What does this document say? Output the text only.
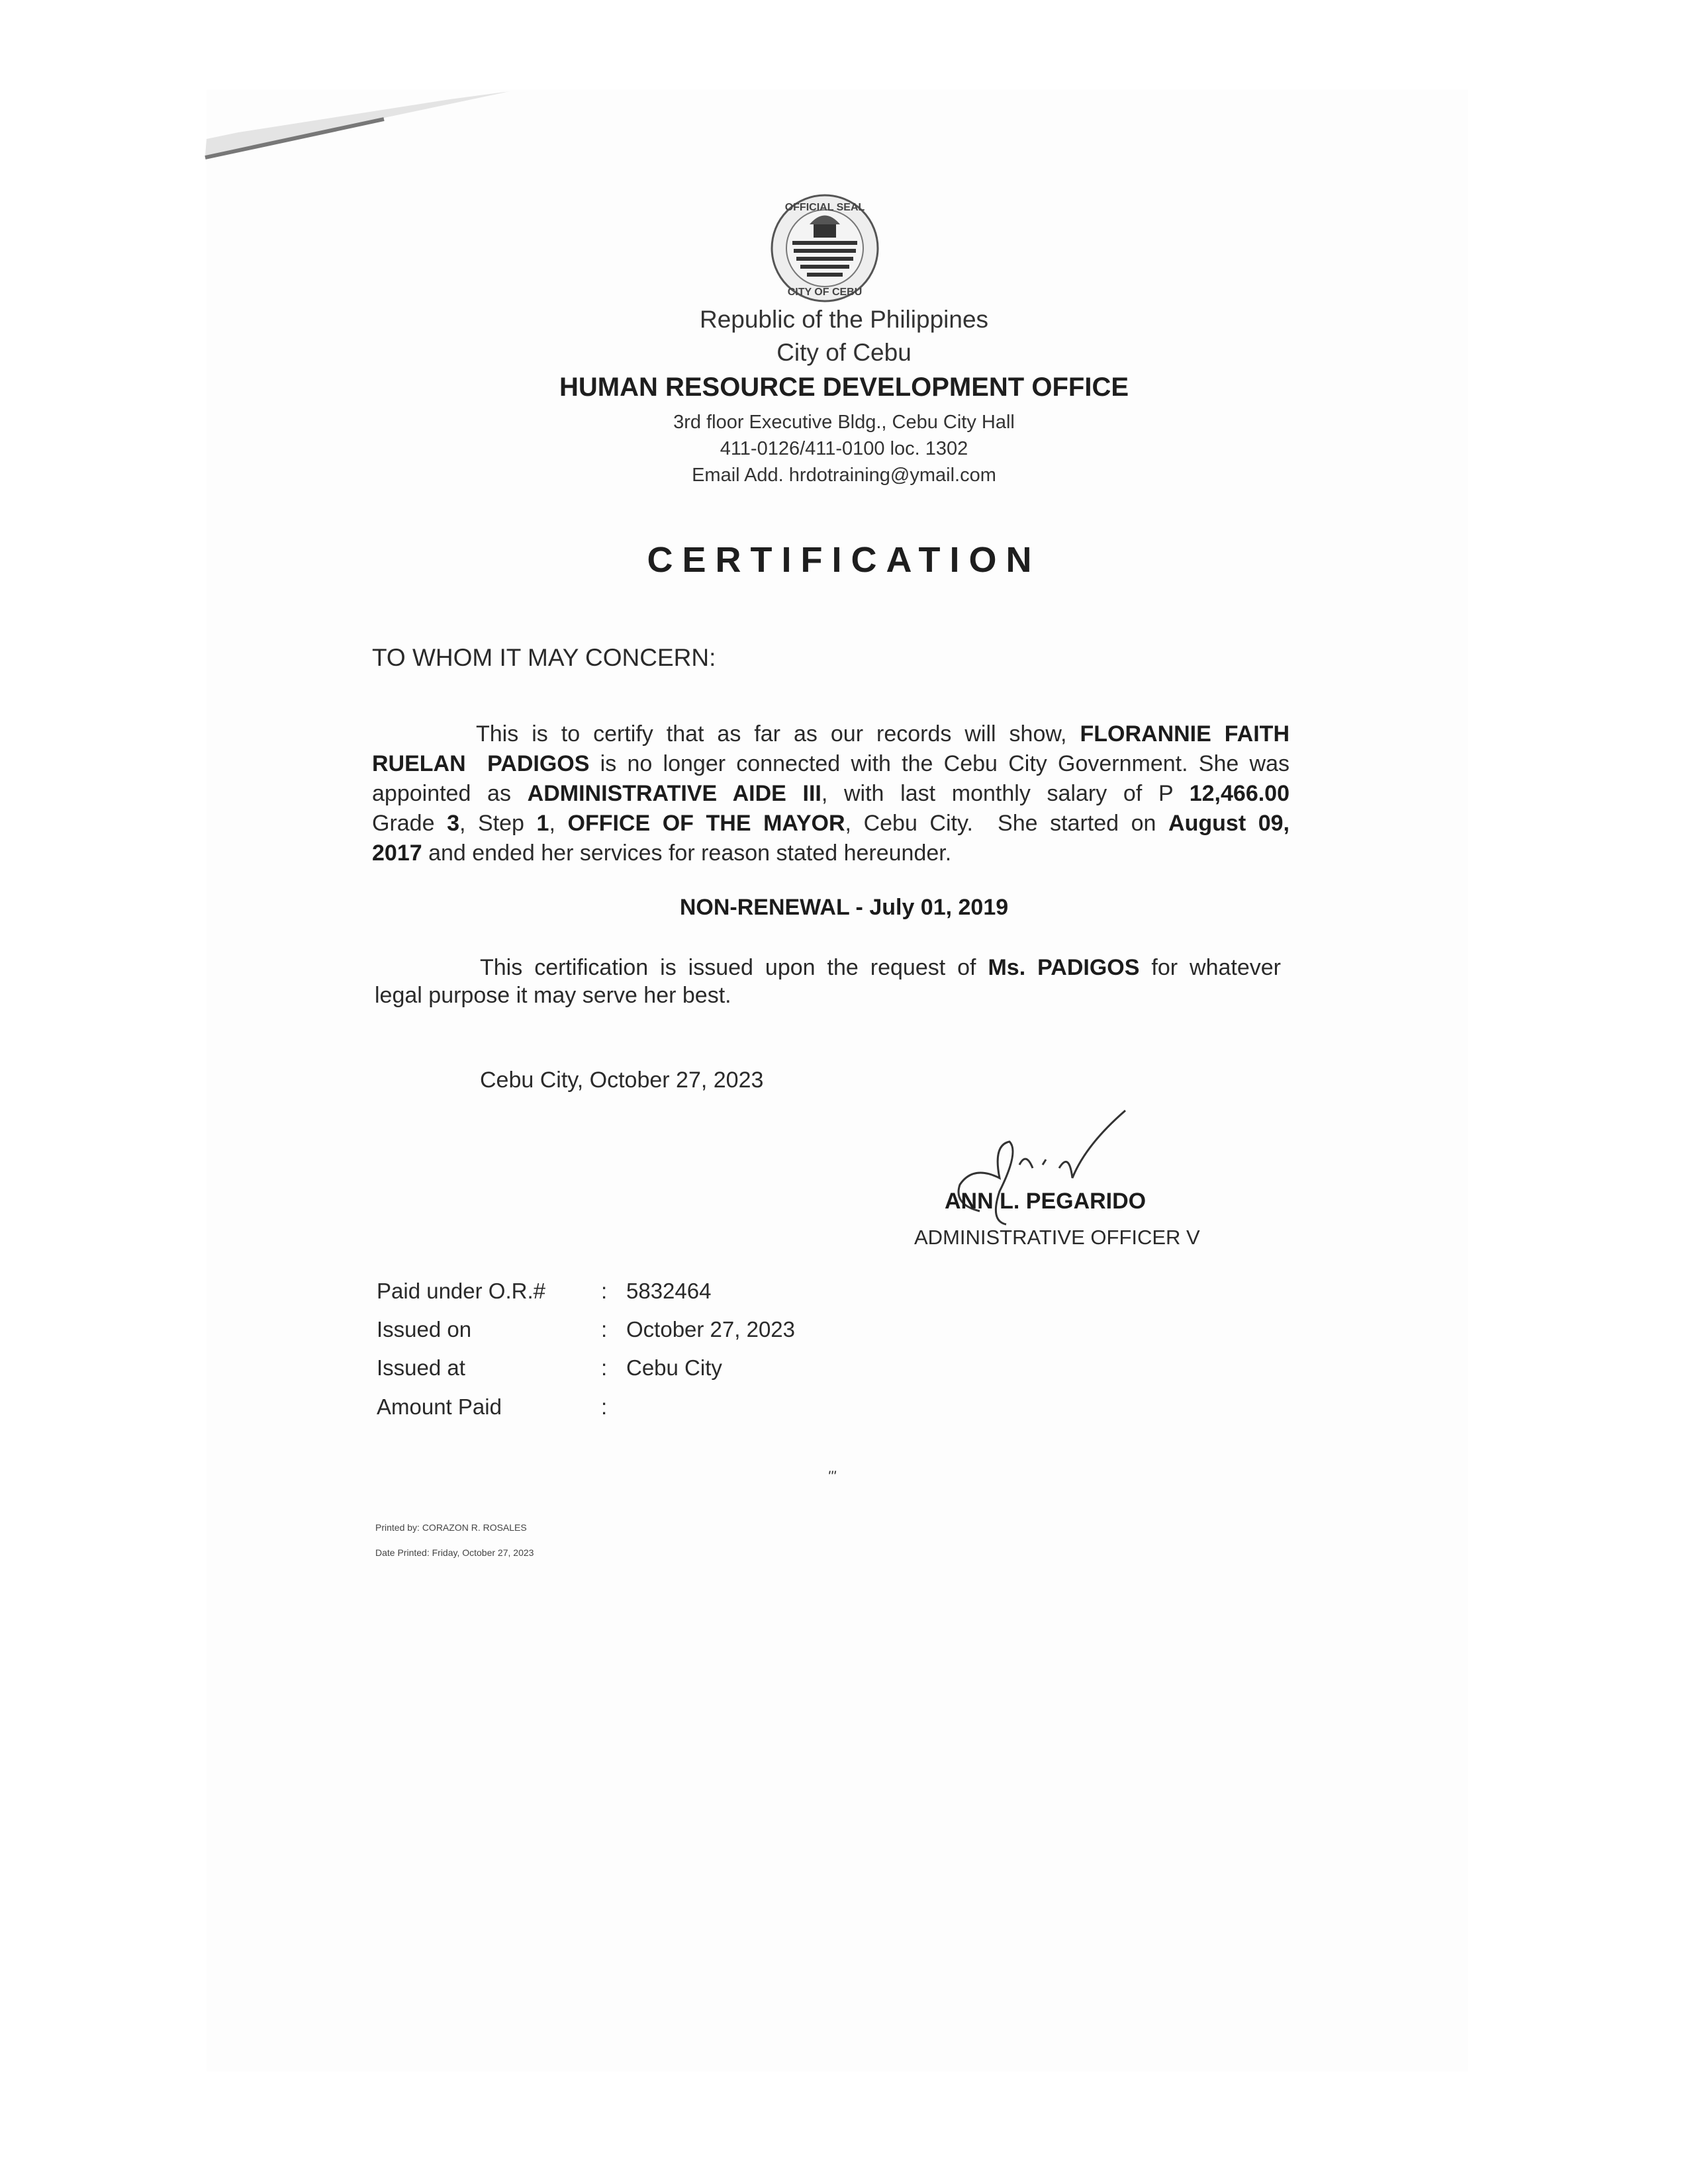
OFFICIAL SEAL
CITY OF CEBU
Republic of the Philippines
City of Cebu
HUMAN RESOURCE DEVELOPMENT OFFICE
3rd floor Executive Bldg., Cebu City Hall
411-0126/411-0100 loc. 1302
Email Add. hrdotraining@ymail.com
CERTIFICATION
TO WHOM IT MAY CONCERN:
This is to certify that as far as our records will show, FLORANNIE FAITH
RUELAN  PADIGOS is no longer connected with the Cebu City Government. She was
appointed as ADMINISTRATIVE AIDE III, with last monthly salary of P 12,466.00
Grade 3, Step 1, OFFICE OF THE MAYOR, Cebu City.  She started on August 09,
2017 and ended her services for reason stated hereunder.
NON-RENEWAL - July 01, 2019
This certification is issued upon the request of Ms. PADIGOS for whatever
legal purpose it may serve her best.
Cebu City, October 27, 2023
ANN L. PEGARIDO
ADMINISTRATIVE OFFICER V
Paid under O.R.#	: 5832464
Issued on	: October 27, 2023
Issued at	: Cebu City
Amount Paid	:
'''
Printed by: CORAZON R. ROSALES
Date Printed: Friday, October 27, 2023
